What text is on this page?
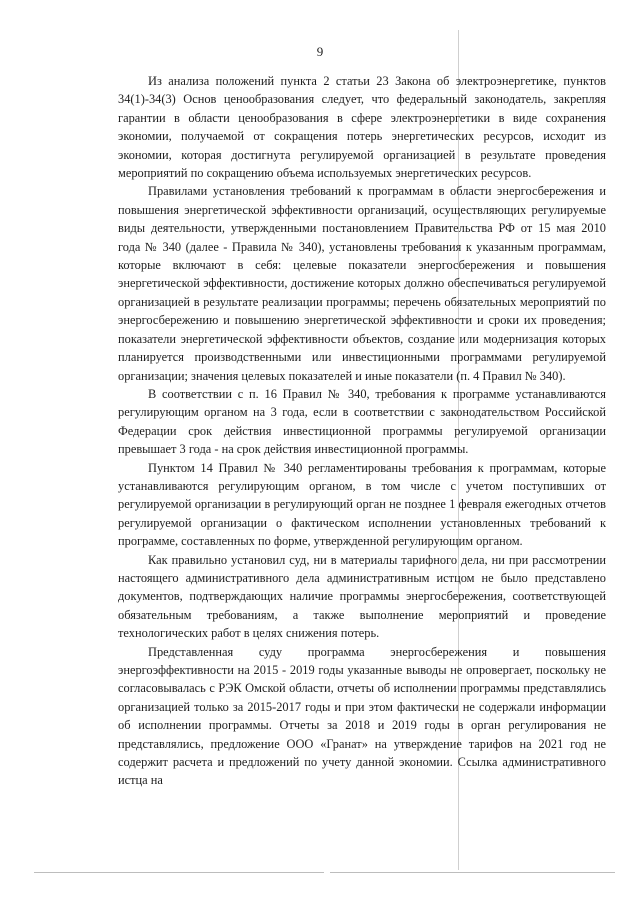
9

Из анализа положений пункта 2 статьи 23 Закона об электроэнергетике, пунктов 34(1)-34(3) Основ ценообразования следует, что федеральный законодатель, закрепляя гарантии в области ценообразования в сфере электроэнергетики в виде сохранения экономии, получаемой от сокращения потерь энергетических ресурсов, исходит из экономии, которая достигнута регулируемой организацией в результате проведения мероприятий по сокращению объема используемых энергетических ресурсов.

Правилами установления требований к программам в области энергосбережения и повышения энергетической эффективности организаций, осуществляющих регулируемые виды деятельности, утвержденными постановлением Правительства РФ от 15 мая 2010 года № 340 (далее - Правила № 340), установлены требования к указанным программам, которые включают в себя: целевые показатели энергосбережения и повышения энергетической эффективности, достижение которых должно обеспечиваться регулируемой организацией в результате реализации программы; перечень обязательных мероприятий по энергосбережению и повышению энергетической эффективности и сроки их проведения; показатели энергетической эффективности объектов, создание или модернизация которых планируется производственными или инвестиционными программами регулируемой организации; значения целевых показателей и иные показатели (п. 4 Правил № 340).

В соответствии с п. 16 Правил № 340, требования к программе устанавливаются регулирующим органом на 3 года, если в соответствии с законодательством Российской Федерации срок действия инвестиционной программы регулируемой организации превышает 3 года - на срок действия инвестиционной программы.

Пунктом 14 Правил № 340 регламентированы требования к программам, которые устанавливаются регулирующим органом, в том числе с учетом поступивших от регулируемой организации в регулирующий орган не позднее 1 февраля ежегодных отчетов регулируемой организации о фактическом исполнении установленных требований к программе, составленных по форме, утвержденной регулирующим органом.

Как правильно установил суд, ни в материалы тарифного дела, ни при рассмотрении настоящего административного дела административным истцом не было представлено документов, подтверждающих наличие программы энергосбережения, соответствующей обязательным требованиям, а также выполнение мероприятий и проведение технологических работ в целях снижения потерь.

Представленная суду программа энергосбережения и повышения энергоэффективности на 2015 - 2019 годы указанные выводы не опровергает, поскольку не согласовывалась с РЭК Омской области, отчеты об исполнении программы представлялись организацией только за 2015-2017 годы и при этом фактически не содержали информации об исполнении программы. Отчеты за 2018 и 2019 годы в орган регулирования не представлялись, предложение ООО «Гранат» на утверждение тарифов на 2021 год не содержит расчета и предложений по учету данной экономии. Ссылка административного истца на
